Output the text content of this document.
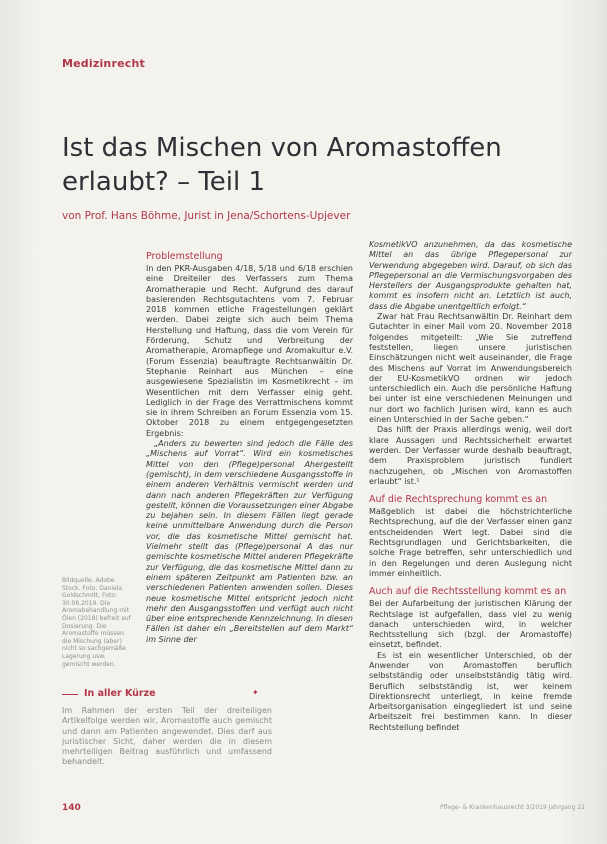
Medizinrecht
Ist das Mischen von Aromastoffen
erlaubt? – Teil 1
von Prof. Hans Böhme, Jurist in Jena/Schortens-Upjever
Problemstellung

In den PKR-Ausgaben 4/18, 5/18 und 6/18 erschien eine Dreiteiler des Verfassers zum Thema Aromatherapie und Recht. Aufgrund des darauf basierenden Rechtsgutachtens vom 7. Februar 2018 kommen etliche Fragestellungen geklärt werden. Dabei zeigte sich auch beim Thema Herstellung und Haftung, dass die vom Verein für Förderung, Schutz und Verbreitung der Aromatherapie, Aromapflege und Aromakultur e.V. (Forum Essenzia) beauftragte Rechtsanwältin Dr. Stephanie Reinhart aus München – eine ausgewiesene Spezialistin im Kosmetikrecht – im Wesentlichen mit dem Verfasser einig geht. Lediglich in der Frage des Verrattmischens kommt sie in ihrem Schreiben an Forum Essenzia vom 15. Oktober 2018 zu einem entgegengesetzten Ergebnis:

„Anders zu bewerten sind jedoch die Fälle des „Mischens auf Vorrat“. Wird ein kosmetisches Mittel von den (Pflege)personal Ahergestellt (gemischt), in dem verschiedene Ausgangsstoffe in einem anderen Verhältnis vermischt werden und dann nach anderen Pflegekräften zur Verfügung gestellt, können die Voraussetzungen einer Abgabe zu bejahen sein. In diesem Fällen liegt gerade keine unmittelbare Anwendung durch die Person vor, die das kosmetische Mittel gemischt hat. Vielmehr stellt das (Pflege)personal A das nur gemischte kosmetische Mittel anderen Pflegekräfte zur Verfügung, die das kosmetische Mittel dann zu einem späteren Zeitpunkt am Patienten bzw. an verschiedenen Patienten anwenden sollen. Dieses neue kosmetische Mittel entspricht jedoch nicht mehr den Ausgangsstoffen und verfügt auch nicht über eine entsprechende Kennzeichnung. In diesen Fällen ist daher ein „Bereitstellen auf dem Markt“ im Sinne der

KosmetikVO anzunehmen, da das kosmetische Mittel an das übrige Pflegepersonal zur Verwendung abgegeben wird. Darauf, ob sich das Pflegepersonal an die Vermischungsvorgaben des Herstellers der Ausgangsprodukte gehalten hat, kommt es insofern nicht an. Letztlich ist auch, dass die Abgabe unentgeltlich erfolgt.“

Zwar hat Frau Rechtsanwältin Dr. Reinhart dem Gutachter in einer Mail vom 20. November 2018 folgendes mitgeteilt: „Wie Sie zutreffend feststellen, liegen unsere juristischen Einschätzungen nicht weit auseinander, die Frage des Mischens auf Vorrat im Anwendungsbereich der EU-KosmetikVO ordnen wir jedoch unterschiedlich ein. Auch die persönliche Haftung bei unter ist eine verschiedenen Meinungen und nur dort wo fachlich Jurisen wird, kann es auch einen Unterschied in der Sache geben.“

Das hilft der Praxis allerdings wenig, weil dort klare Aussagen und Rechtssicherheit erwartet werden. Der Verfasser wurde deshalb beauftragt, dem Praxisproblem juristisch fundiert nachzugehen, ob „Mischen von Aromastoffen erlaubt“ ist.¹

Auf die Rechtsprechung kommt es an

Maßgeblich ist dabei die höchstrichterliche Rechtsprechung, auf die der Verfasser einen ganz entscheidenden Wert legt. Dabei sind die Rechtsgrundlagen und Gerichtsbarkeiten, die solche Frage betreffen, sehr unterschiedlich und in den Regelungen und deren Auslegung nicht immer einheitlich.

Auch auf die Rechtsstellung kommt es an

Bei der Aufarbeitung der juristischen Klärung der Rechtslage ist aufgefallen, dass viel zu wenig danach unterschieden wird, in welcher Rechtsstellung sich (bzgl. der Aromastoffe) einsetzt, befindet.

Es ist ein wesentlicher Unterschied, ob der Anwender von Aromastoffen beruflich selbstständig oder unselbstständig tätig wird. Beruflich selbstständig ist, wer keinem Direktionsrecht unterliegt, in keine fremde Arbeitsorganisation eingegliedert ist und seine Arbeitszeit frei bestimmen kann. In dieser Rechtstellung befindet

Bildquelle: Adobe Stock. Foto: Daniela Goldschmitt, Foto: 30.06.2019. Die Aromabehandlung mit Ölen (2018) befreit auf Dosierung. Die Aromastoffe müssen die Mischung (aber) nicht so sachgemäße Lagerung usw. gemischt werden.
In aller Kürze	✦
Im Rahmen der ersten Teil der dreiteiligen Artikelfolge werden wir, Aromastoffe auch gemischt und dann am Patienten angewendet. Dies darf aus juristischer Sicht, daher werden die in diesem mehrteiligen Beitrag ausführlich und umfassend behandelt.
140	Pflege- & Krankenhausrecht 3/2019 Jahrgang 22
